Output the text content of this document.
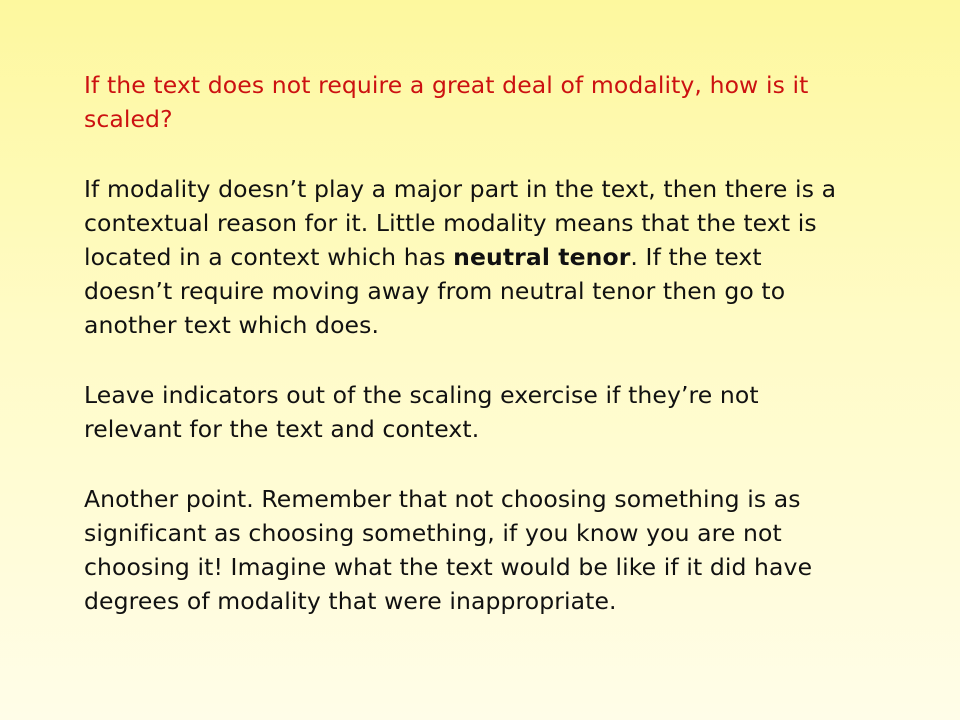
If the text does not require a great deal of modality, how is it scaled?

If modality doesn’t play a major part in the text, then there is a contextual reason for it. Little modality means that the text is located in a context which has neutral tenor. If the text doesn’t require moving away from neutral tenor then go to another text which does.

Leave indicators out of the scaling exercise if they’re not relevant for the text and context.

Another point. Remember that not choosing something is as significant as choosing something, if you know you are not choosing it! Imagine what the text would be like if it did have degrees of modality that were inappropriate.
